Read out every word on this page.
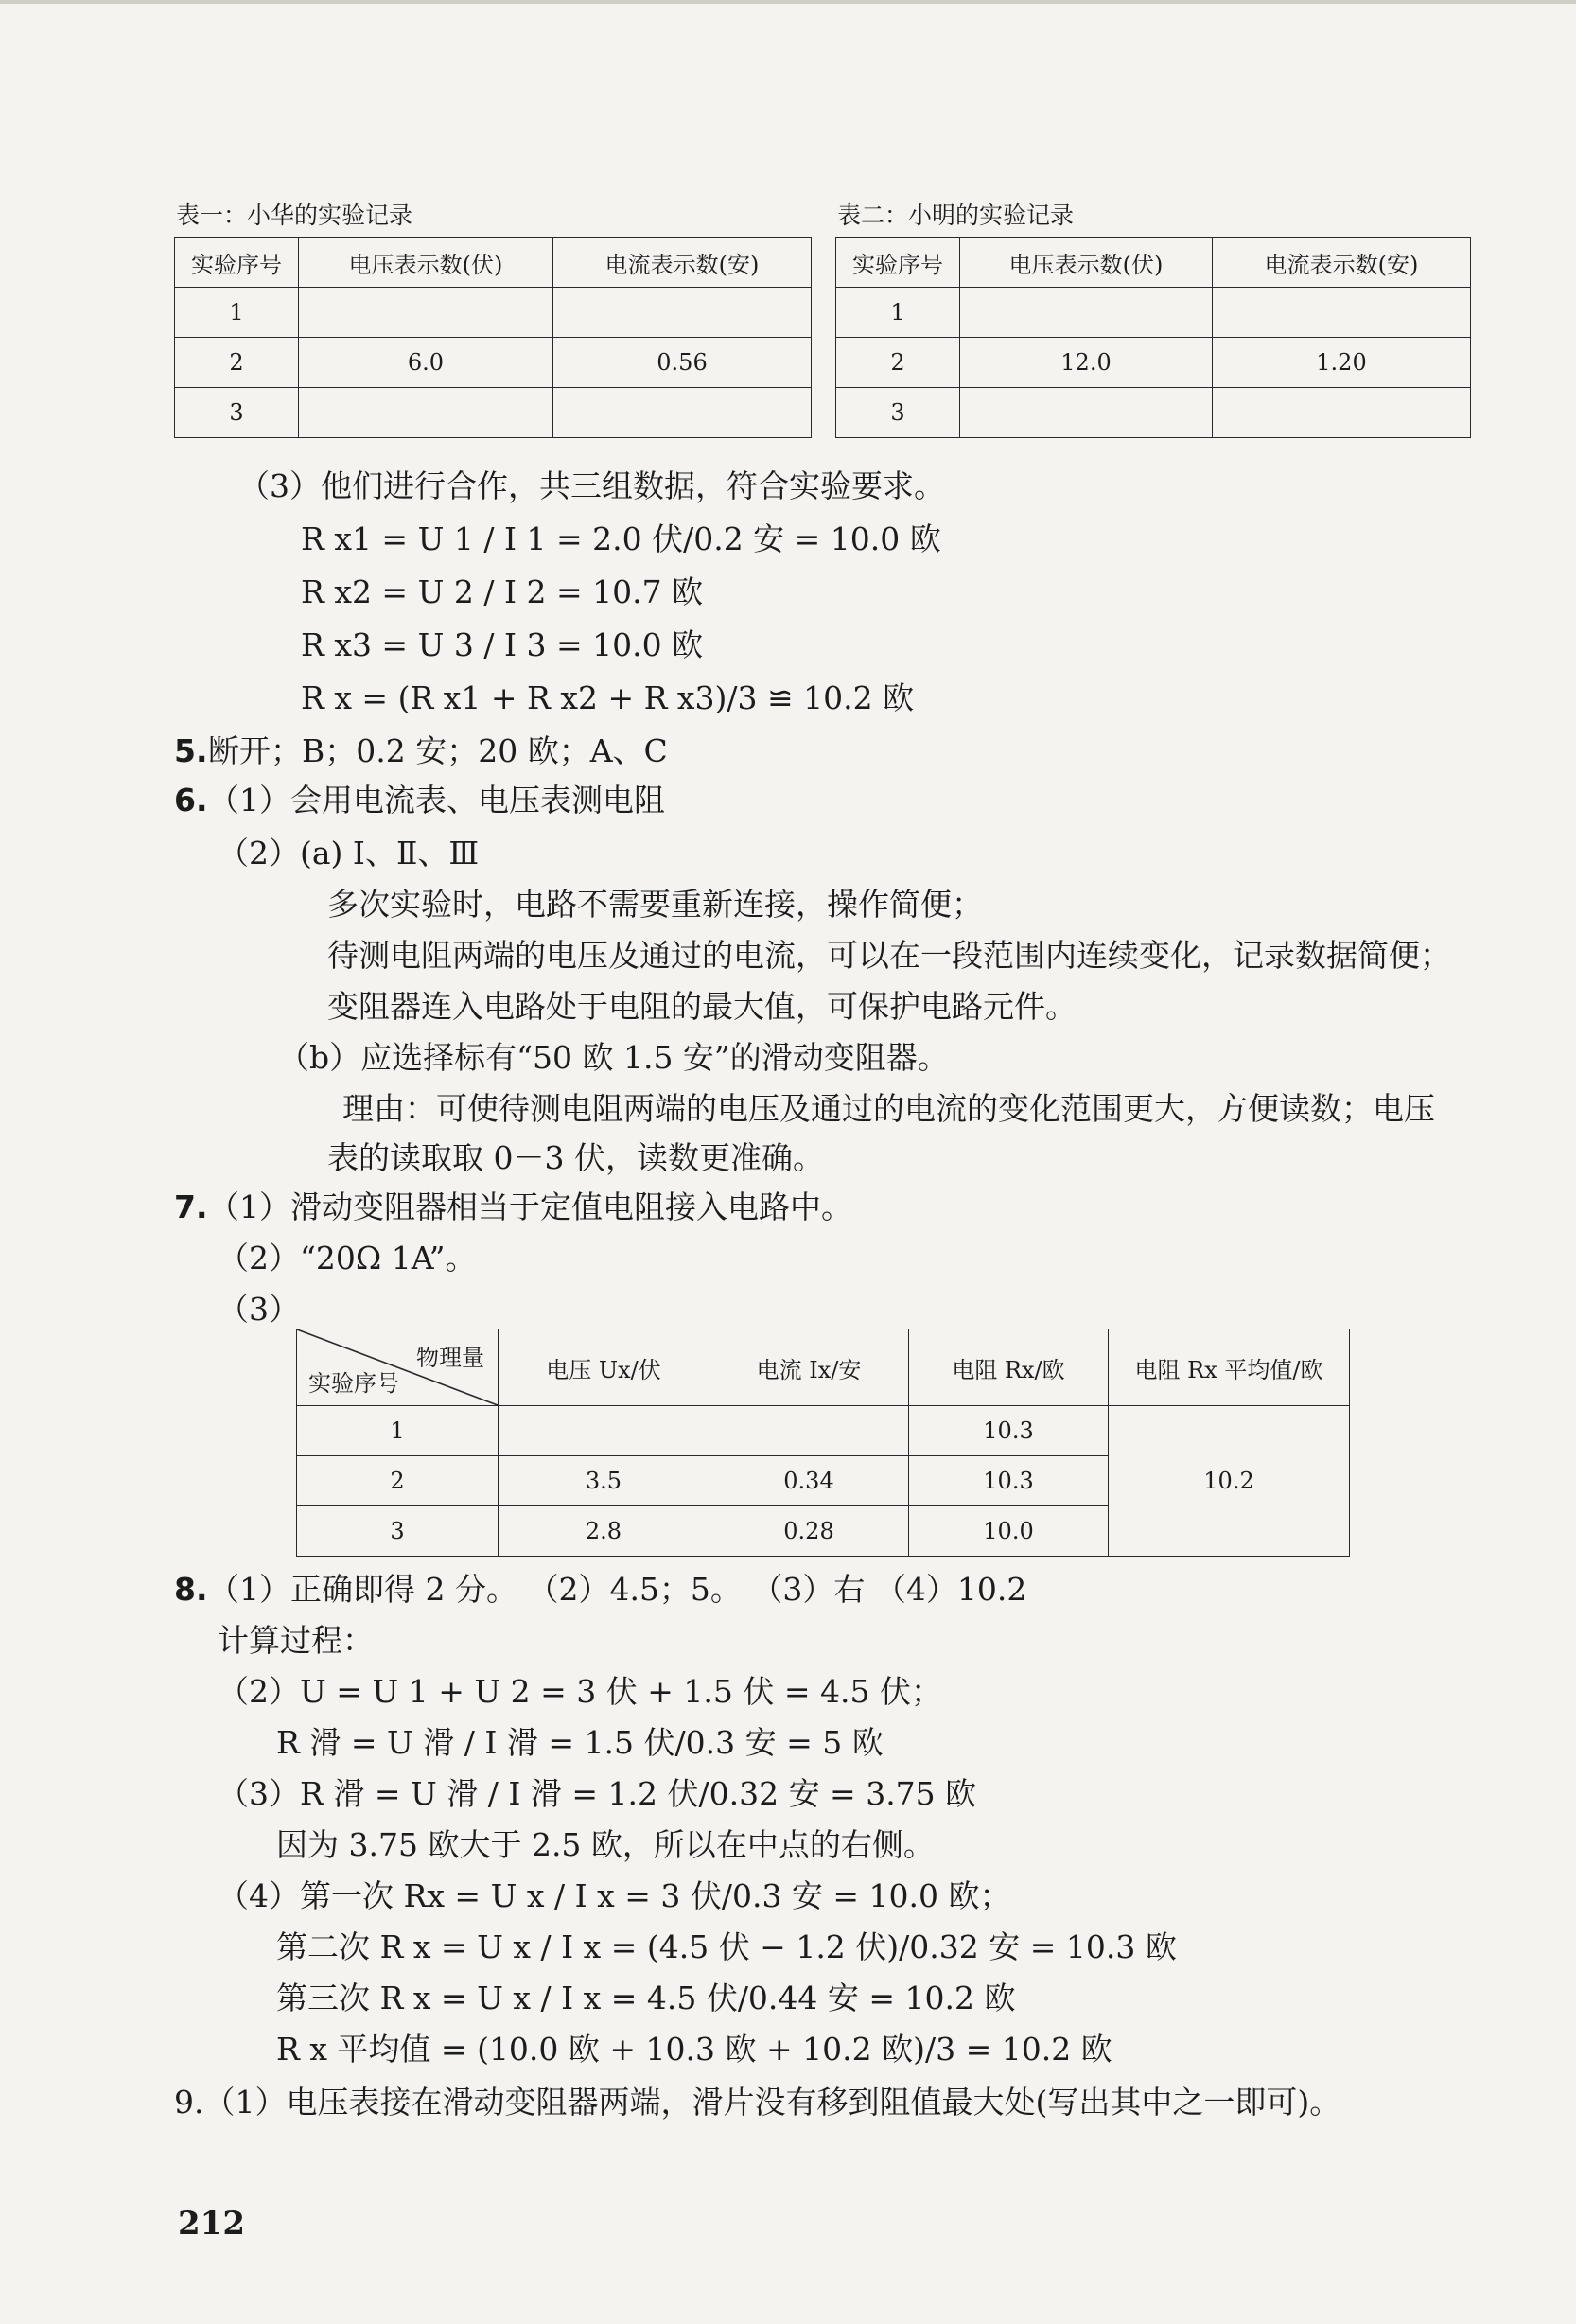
表一：小华的实验记录
实验序号	电压表示数(伏)	电流表示数(安)
1		
2	6.0	0.56
3		
表二：小明的实验记录
实验序号	电压表示数(伏)	电流表示数(安)
1		
2	12.0	1.20
3		
（3）他们进行合作，共三组数据，符合实验要求。
R x1 = U 1 / I 1 = 2.0 伏/0.2 安 = 10.0 欧
R x2 = U 2 / I 2 = 10.7 欧
R x3 = U 3 / I 3 = 10.0 欧
R x = (R x1 + R x2 + R x3)/3 ≌ 10.2 欧
5. 断开；B；0.2 安；20 欧；A、C
6. （1）会用电流表、电压表测电阻
（2）(a) Ⅰ、Ⅱ、Ⅲ
多次实验时，电路不需要重新连接，操作简便；
待测电阻两端的电压及通过的电流，可以在一段范围内连续变化，记录数据简便；
变阻器连入电路处于电阻的最大值，可保护电路元件。
（b）应选择标有“50 欧 1.5 安”的滑动变阻器。
理由：可使待测电阻两端的电压及通过的电流的变化范围更大，方便读数；电压
表的读取取 0－3 伏，读数更准确。
7. （1）滑动变阻器相当于定值电阻接入电路中。
（2）“20Ω 1A”。
（3）
物理量
实验序号	电压 Ux/伏	电流 Ix/安	电阻 Rx/欧	电阻 Rx 平均值/欧
1			10.3	10.2
2	3.5	0.34	10.3	
3	2.8	0.28	10.0	
8. （1）正确即得 2 分。 （2）4.5；5。 （3）右 （4）10.2
计算过程：
（2）U = U 1 + U 2 = 3 伏 + 1.5 伏 = 4.5 伏；
R 滑 = U 滑 / I 滑 = 1.5 伏/0.3 安 = 5 欧
（3）R 滑 = U 滑 / I 滑 = 1.2 伏/0.32 安 = 3.75 欧
因为 3.75 欧大于 2.5 欧，所以在中点的右侧。
（4）第一次 Rx = U x / I x = 3 伏/0.3 安 = 10.0 欧；
第二次 R x = U x / I x = (4.5 伏 − 1.2 伏)/0.32 安 = 10.3 欧
第三次 R x = U x / I x = 4.5 伏/0.44 安 = 10.2 欧
R x 平均值 = (10.0 欧 + 10.3 欧 + 10.2 欧)/3 = 10.2 欧
9.（1）电压表接在滑动变阻器两端，滑片没有移到阻值最大处(写出其中之一即可)。
212
